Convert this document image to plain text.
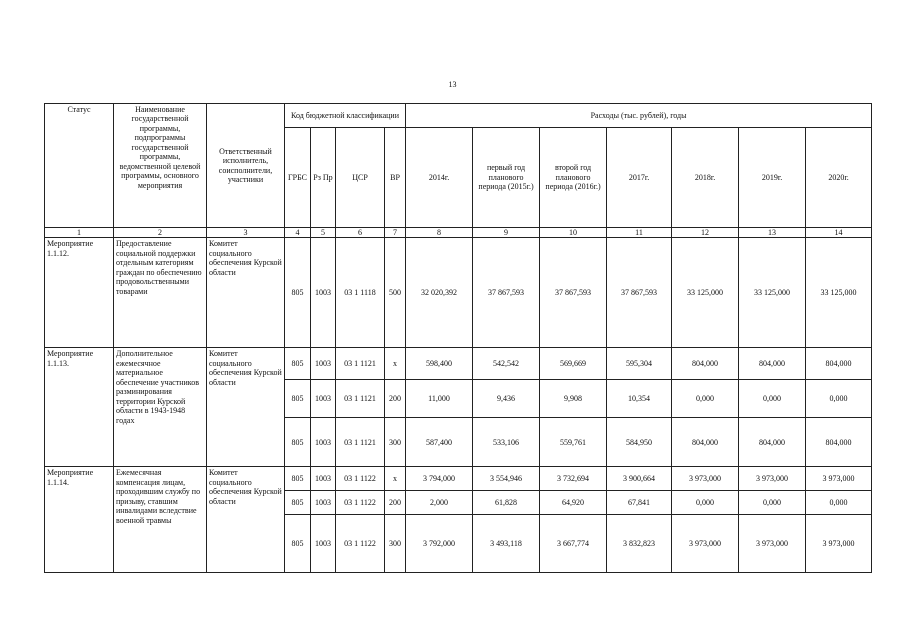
13
Статус	Наименование государственной программы, подпрограммы государственной программы, ведомственной целевой программы, основного мероприятия	Ответственный исполнитель, соисполнители, участники	Код бюджетной классификации				Расходы (тыс. рублей), годы						
			ГРБС	Рз Пр	ЦСР	ВР	2014г.	первый год планового периода (2015г.)	второй год планового периода (2016г.)	2017г.	2018г.	2019г.	2020г.
1	2	3	4	5	6	7	8	9	10	11	12	13	14
Мероприятие 1.1.12.	Предоставление социальной поддержки отдельным категориям граждан по обеспечению продовольственными товарами	Комитет социального обеспечения Курской области	805	1003	03 1 1118	500	32 020,392	37 867,593	37 867,593	37 867,593	33 125,000	33 125,000	33 125,000
Мероприятие 1.1.13.	Дополнительное ежемесячное материальное обеспечение участников разминирования территории Курской области в 1943-1948 годах	Комитет социального обеспечения Курской области	805	1003	03 1 1121	х	598,400	542,542	569,669	595,304	804,000	804,000	804,000
			805	1003	03 1 1121	200	11,000	9,436	9,908	10,354	0,000	0,000	0,000
			805	1003	03 1 1121	300	587,400	533,106	559,761	584,950	804,000	804,000	804,000
Мероприятие 1.1.14.	Ежемесячная компенсация лицам, проходившим службу по призыву, ставшим инвалидами вследствие военной травмы	Комитет социального обеспечения Курской области	805	1003	03 1 1122	х	3 794,000	3 554,946	3 732,694	3 900,664	3 973,000	3 973,000	3 973,000
			805	1003	03 1 1122	200	2,000	61,828	64,920	67,841	0,000	0,000	0,000
			805	1003	03 1 1122	300	3 792,000	3 493,118	3 667,774	3 832,823	3 973,000	3 973,000	3 973,000
